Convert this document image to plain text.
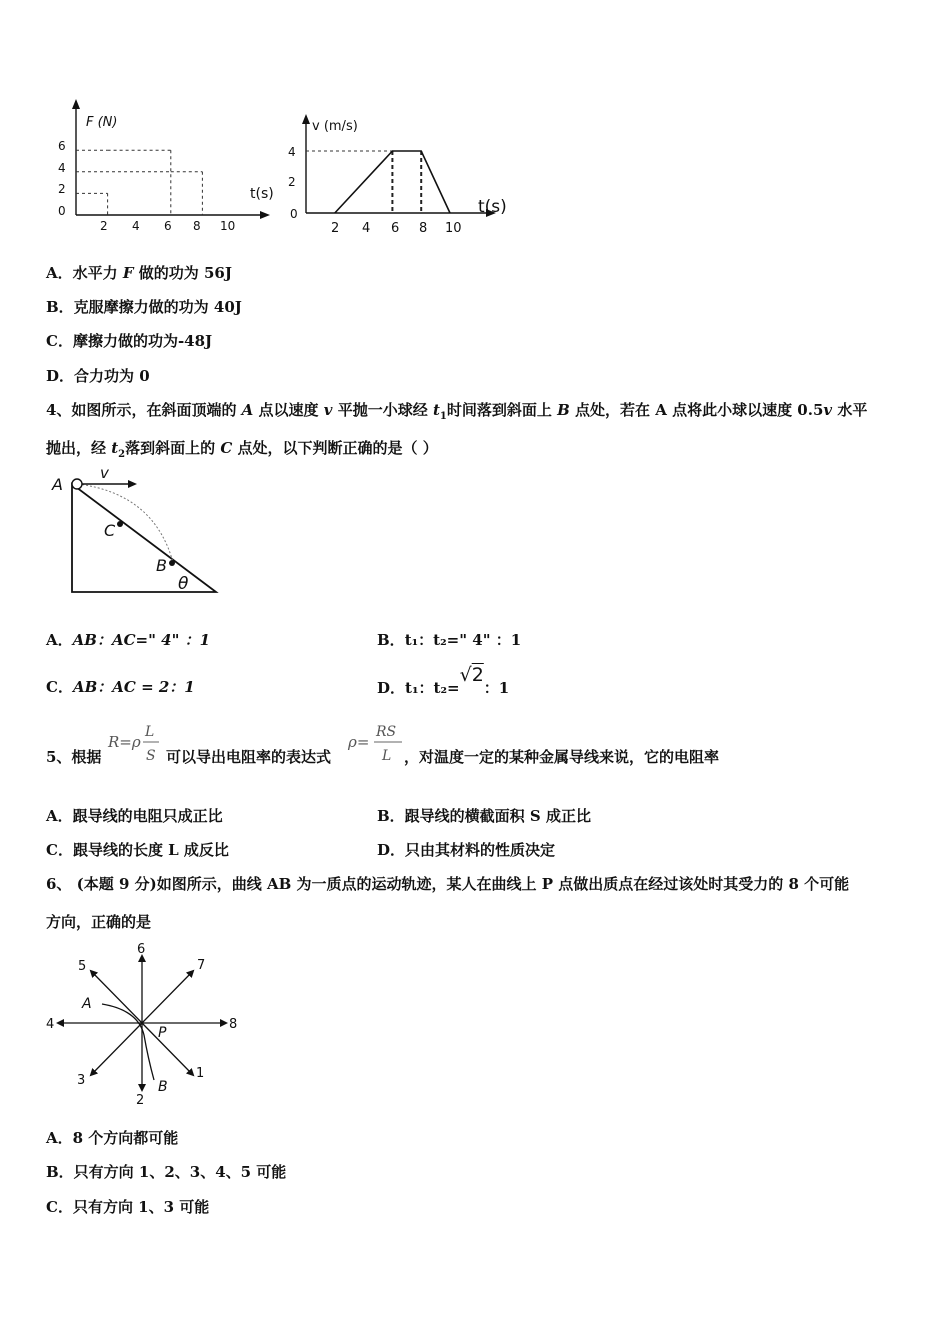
F (N)
t(s)
6
4
2
0
2 4 6 8 10
v (m/s)
t(s)
4
2
0
2 4 6 8 10
A．水平力 F 做的功为 56J
B．克服摩擦力做的功为 40J
C．摩擦力做的功为-48J
D．合力功为 0
4、如图所示，在斜面顶端的 A 点以速度 v 平抛一小球经 $t_1$时间落到斜面上 B 点处，若在 A 点将此小球以速度 0.5v 水平
抛出，经 $t_2$落到斜面上的 C 点处，以下判断正确的是（ ）
A
v
C
B
θ
A．AB：AC=" 4" ：1	B．t₁：t₂=" 4" ：1
C．AB：AC = 2：1	D．t₁：t₂=√2：1
5、根据
R=ρ
L
S 可以导出电阻率的表达式
ρ=
RS
L ，对温度一定的某种金属导线来说，它的电阻率
A．跟导线的电阻只成正比	B．跟导线的横截面积 S 成正比
C．跟导线的长度 L 成反比	D．只由其材料的性质决定
6、 (本题 9 分)如图所示，曲线 AB 为一质点的运动轨迹，某人在曲线上 P 点做出质点在经过该处时其受力的 8 个可能
方向，正确的是
1
2
3
4
5
6
7
8
A
B
P
A．8 个方向都可能
B．只有方向 1、2、3、4、5 可能
C．只有方向 1、3 可能
